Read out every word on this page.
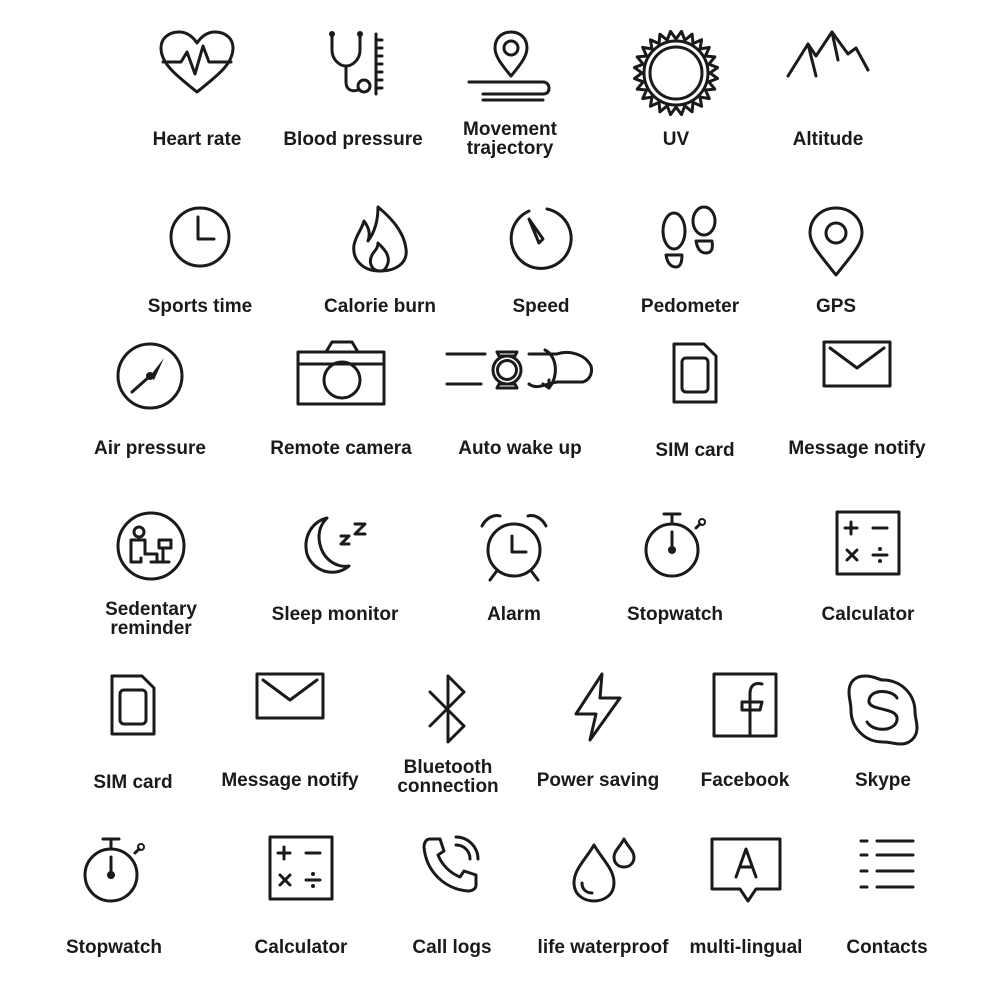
Heart rate	Blood pressure	Movement
trajectory	UV	Altitude
Sports time	Calorie burn	Speed	Pedometer	GPS
Air pressure	Remote camera	Auto wake up	SIM card	Message notify
Sedentary
reminder
Sleep monitor	Alarm	Stopwatch	Calculator
SIM card	Message notify
Bluetooth
connection	Power saving	Facebook	Skype
Stopwatch	Calculator	Call logs	life waterproof	multi-lingual	Contacts
